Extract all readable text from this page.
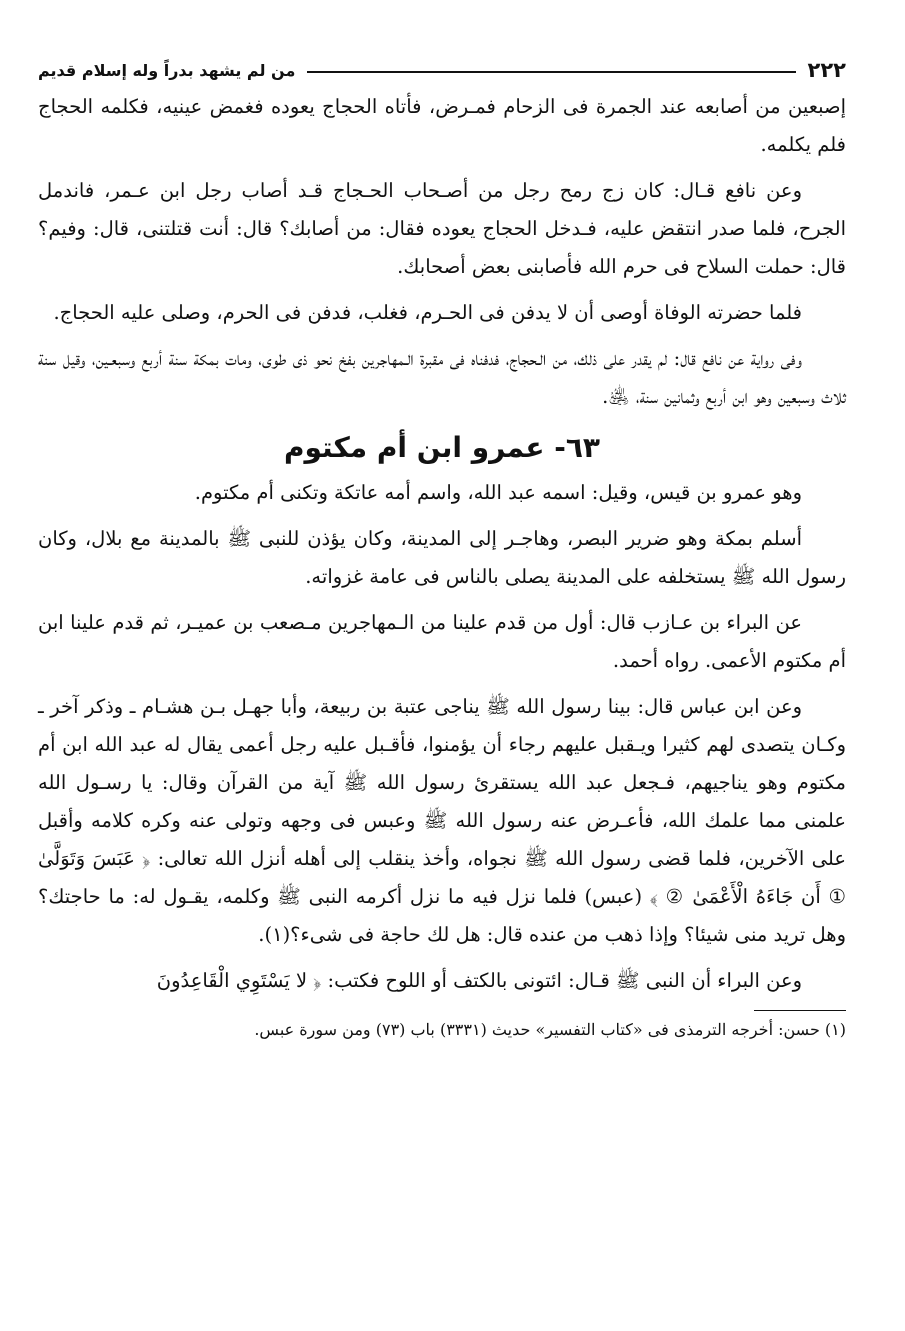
٢٢٢
من لم يشهد بدراً وله إسلام قديم

إصبعين من أصابعه عند الجمرة فى الزحام فمـرض، فأتاه الحجاج يعوده فغمض عينيه، فكلمه الحجاج فلم يكلمه.

وعن نافع قـال: كان زج رمح رجل من أصـحاب الحـجاج قـد أصاب رجل ابن عـمر، فاندمل الجرح، فلما صدر انتقض عليه، فـدخل الحجاج يعوده فقال: من أصابك؟ قال: أنت قتلتنى، قال: وفيم؟ قال: حملت السلاح فى حرم الله فأصابنى بعض أصحابك.

فلما حضرته الوفاة أوصى أن لا يدفن فى الحـرم، فغلب، فدفن فى الحرم، وصلى عليه الحجاج.

وفى رواية عن نافع قال: لم يقدر على ذلك، من الـحجاج، فدفناه فى مقبرة الـمهاجرين بفخ نحو ذى طوى، ومات بمكة سنة أربع وسبعـين، وقيل سنة ثلاث وسبعين وهو ابن أربع وثمانين سنة، ﵁.

٦٣- عمرو ابن أم مكتوم

وهو عمرو بن قيس، وقيل: اسمه عبد الله، واسم أمه عاتكة وتكنى أم مكتوم.

أسلم بمكة وهو ضرير البصر، وهاجـر إلى المدينة، وكان يؤذن للنبى ﷺ بالمدينة مع بلال، وكان رسول الله ﷺ يستخلفه على المدينة يصلى بالناس فى عامة غزواته.

عن البراء بن عـازب قال: أول من قدم علينا من الـمهاجرين مـصعب بن عميـر، ثم قدم علينا ابن أم مكتوم الأعمى. رواه أحمد.

وعن ابن عباس قال: بينا رسول الله ﷺ يناجى عتبة بن ربيعة، وأبا جهـل بـن هشـام ـ وذكر آخر ـ وكـان يتصدى لهم كثيرا ويـقبل عليهم رجاء أن يؤمنوا، فأقـبل عليه رجل أعمى يقال له عبد الله ابن أم مكتوم وهو يناجيهم، فـجعل عبد الله يستقرئ رسول الله ﷺ آية من القرآن وقال: يا رسـول الله علمنى مما علمك الله، فأعـرض عنه رسول الله ﷺ وعبس فى وجهه وتولى عنه وكره كلامه وأقبل على الآخرين، فلما قضى رسول الله ﷺ نجواه، وأخذ ينقلب إلى أهله أنزل الله تعالى: ﴿ عَبَسَ وَتَوَلَّىٰ ① أَن جَاءَهُ الْأَعْمَىٰ ② ﴾ (عبس) فلما نزل فيه ما نزل أكرمه النبى ﷺ وكلمه، يقـول له: ما حاجتك؟ وهل تريد منى شيئا؟ وإذا ذهب من عنده قال: هل لك حاجة فى شىء؟(١).

وعن البراء أن النبى ﷺ قـال: ائتونى بالكتف أو اللوح فكتب: ﴿ لا يَسْتَوِي الْقَاعِدُونَ

(١) حسن: أخرجه الترمذى فى «كتاب التفسير» حديث (٣٣٣١) باب (٧٣) ومن سورة عبس.
